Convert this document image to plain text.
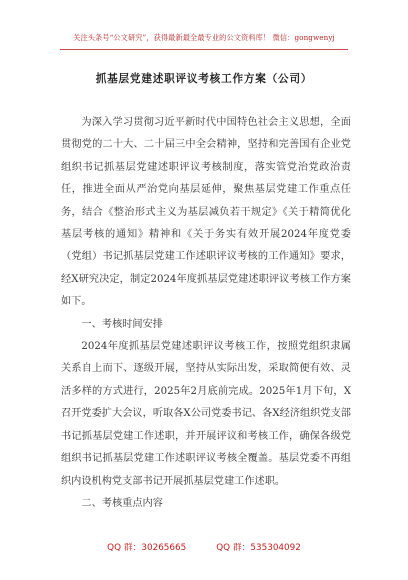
关注头条号“公文研究”，获得最新最全最专业的公文资料库！ 微信：gongwenyj
抓基层党建述职评议考核工作方案（公司）

为深入学习贯彻习近平新时代中国特色社会主义思想，全面贯彻党的二十大、二十届三中全会精神，坚持和完善国有企业党组织书记抓基层党建述职评议考核制度，落实管党治党政治责任，推进全面从严治党向基层延伸，聚焦基层党建工作重点任务，结合《整治形式主义为基层减负若干规定》《关于精简优化基层考核的通知》精神和《关于务实有效开展2024年度党委（党组）书记抓基层党建工作述职评议考核的工作通知》要求，经X研究决定，制定2024年度抓基层党建述职评议考核工作方案如下。

一、考核时间安排

2024年度抓基层党建述职评议考核工作，按照党组织隶属关系自上而下、逐级开展，坚持从实际出发，采取简便有效、灵活多样的方式进行，2025年2月底前完成。2025年1月下旬，X召开党委扩大会议，听取各X公司党委书记、各X经济组织党支部书记抓基层党建工作述职，并开展评议和考核工作，确保各级党组织书记抓基层党建工作述职评议考核全覆盖。基层党委不再组织内设机构党支部书记开展抓基层党建工作述职。

二、考核重点内容

QQ 群：30265665	QQ 群：535304092
